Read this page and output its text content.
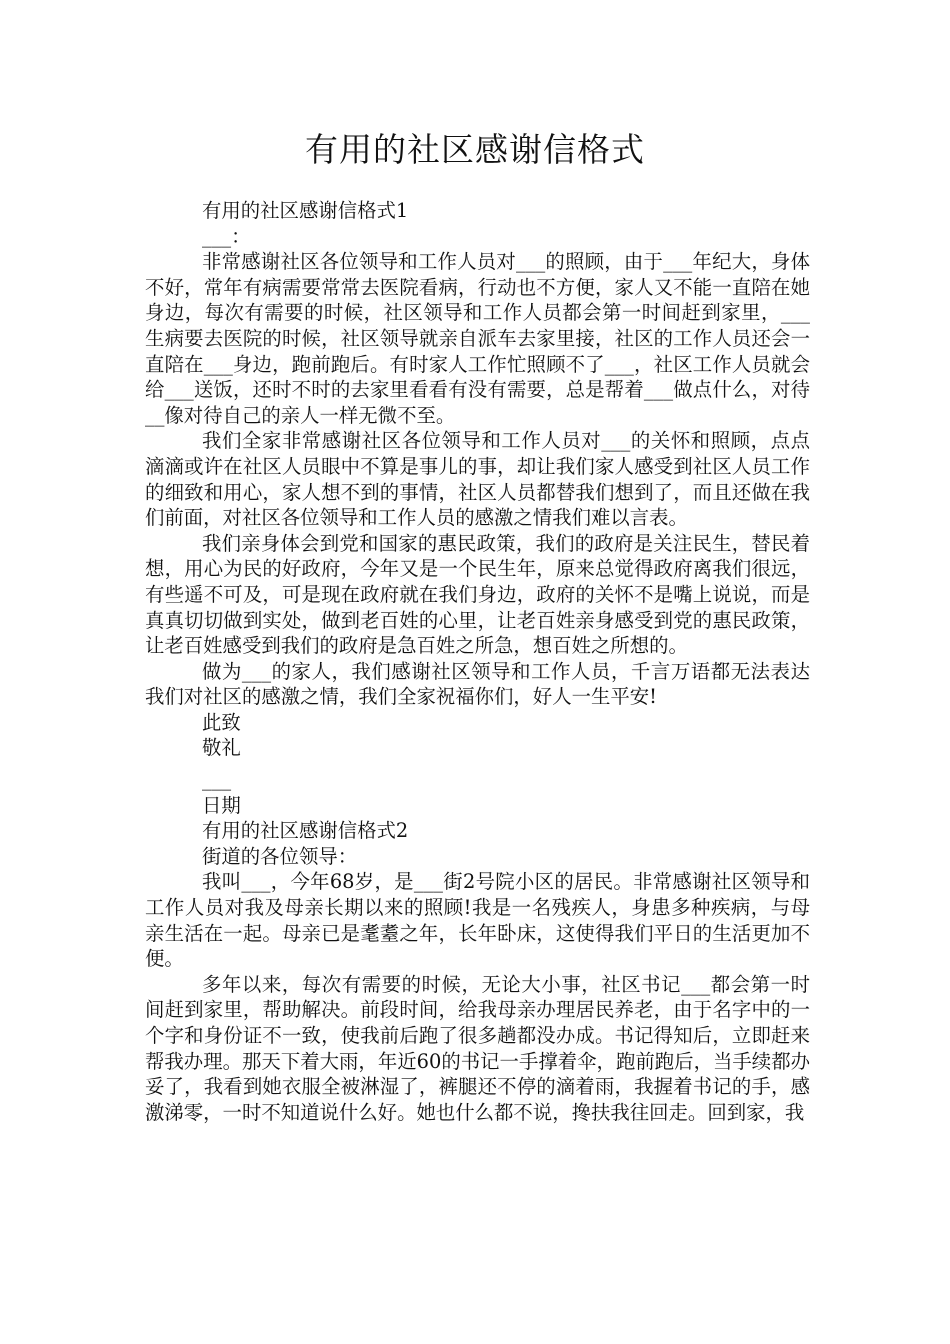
有用的社区感谢信格式

有用的社区感谢信格式1

___：

非常感谢社区各位领导和工作人员对___的照顾，由于___年纪大，身体不好，常年有病需要常常去医院看病，行动也不方便，家人又不能一直陪在她身边，每次有需要的时候，社区领导和工作人员都会第一时间赶到家里，___生病要去医院的时候，社区领导就亲自派车去家里接，社区的工作人员还会一直陪在___身边，跑前跑后。有时家人工作忙照顾不了___，社区工作人员就会给___送饭，还时不时的去家里看看有没有需要，总是帮着___做点什么，对待__像对待自己的亲人一样无微不至。

我们全家非常感谢社区各位领导和工作人员对___的关怀和照顾，点点滴滴或许在社区人员眼中不算是事儿的事，却让我们家人感受到社区人员工作的细致和用心，家人想不到的事情，社区人员都替我们想到了，而且还做在我们前面，对社区各位领导和工作人员的感激之情我们难以言表。

我们亲身体会到党和国家的惠民政策，我们的政府是关注民生，替民着想，用心为民的好政府，今年又是一个民生年，原来总觉得政府离我们很远，有些遥不可及，可是现在政府就在我们身边，政府的关怀不是嘴上说说，而是真真切切做到实处，做到老百姓的心里，让老百姓亲身感受到党的惠民政策，让老百姓感受到我们的政府是急百姓之所急，想百姓之所想的。

做为___的家人，我们感谢社区领导和工作人员，千言万语都无法表达我们对社区的感激之情，我们全家祝福你们，好人一生平安!

此致

敬礼

___

日期

有用的社区感谢信格式2

街道的各位领导：

我叫___，今年68岁，是___街2号院小区的居民。非常感谢社区领导和工作人员对我及母亲长期以来的照顾!我是一名残疾人，身患多种疾病，与母亲生活在一起。母亲已是耄耋之年，长年卧床，这使得我们平日的生活更加不便。

多年以来，每次有需要的时候，无论大小事，社区书记___都会第一时间赶到家里，帮助解决。前段时间，给我母亲办理居民养老，由于名字中的一个字和身份证不一致，使我前后跑了很多趟都没办成。书记得知后，立即赶来帮我办理。那天下着大雨，年近60的书记一手撑着伞，跑前跑后，当手续都办妥了，我看到她衣服全被淋湿了，裤腿还不停的滴着雨，我握着书记的手，感激涕零，一时不知道说什么好。她也什么都不说，搀扶我往回走。回到家，我
